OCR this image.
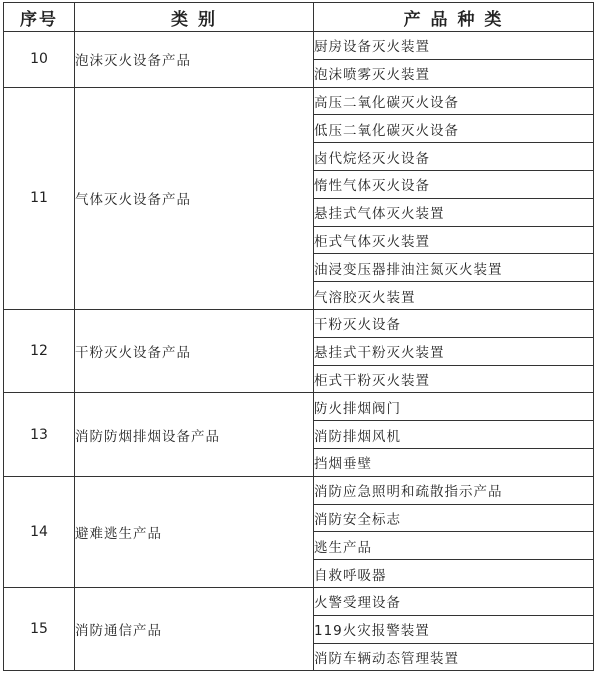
序号	类 别	产 品 种 类
10	泡沫灭火设备产品	厨房设备灭火装置
		泡沫喷雾灭火装置
11	气体灭火设备产品	高压二氧化碳灭火设备
		低压二氧化碳灭火设备
		卤代烷烃灭火设备
		惰性气体灭火设备
		悬挂式气体灭火装置
		柜式气体灭火装置
		油浸变压器排油注氮灭火装置
		气溶胶灭火装置
12	干粉灭火设备产品	干粉灭火设备
		悬挂式干粉灭火装置
		柜式干粉灭火装置
13	消防防烟排烟设备产品	防火排烟阀门
		消防排烟风机
		挡烟垂壁
14	避难逃生产品	消防应急照明和疏散指示产品
		消防安全标志
		逃生产品
		自救呼吸器
15	消防通信产品	火警受理设备
		119火灾报警装置
		消防车辆动态管理装置
